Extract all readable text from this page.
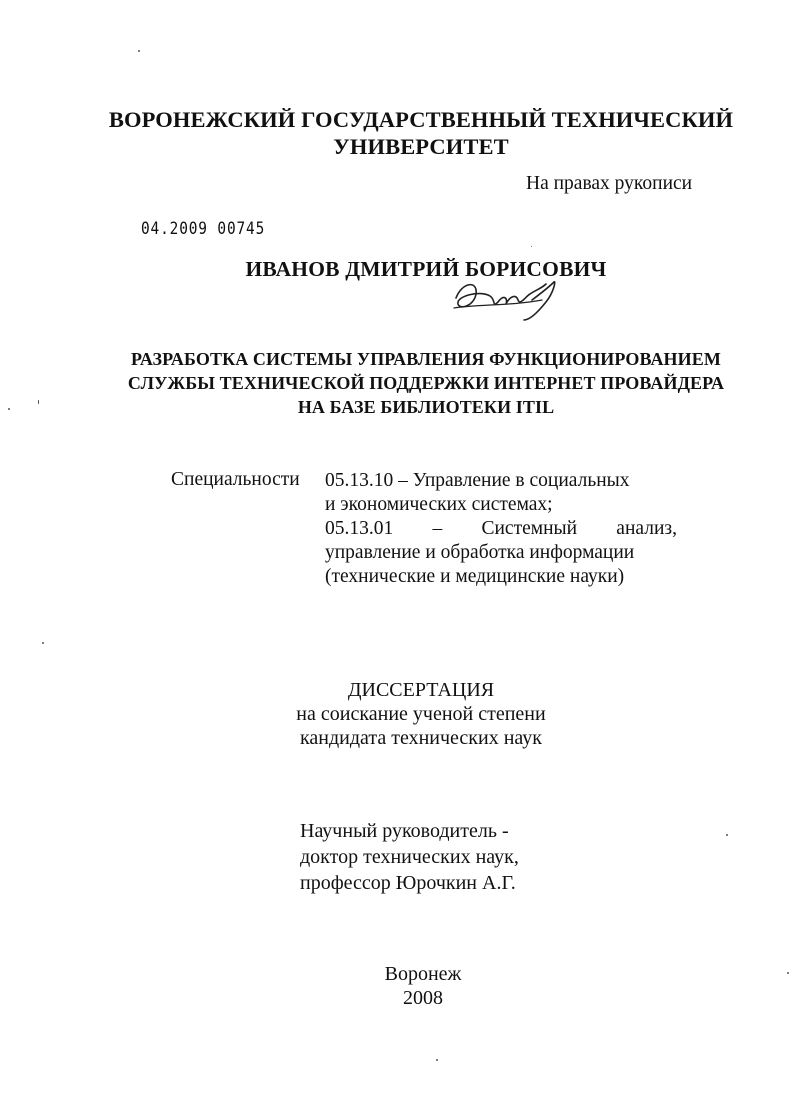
ВОРОНЕЖСКИЙ ГОСУДАРСТВЕННЫЙ ТЕХНИЧЕСКИЙ
УНИВЕРСИТЕТ
На правах рукописи
04.2009 00745
ИВАНОВ ДМИТРИЙ БОРИСОВИЧ
РАЗРАБОТКА СИСТЕМЫ УПРАВЛЕНИЯ ФУНКЦИОНИРОВАНИЕМ
СЛУЖБЫ ТЕХНИЧЕСКОЙ ПОДДЕРЖКИ ИНТЕРНЕТ ПРОВАЙДЕРА
НА БАЗЕ БИБЛИОТЕКИ ITIL
Специальности 05.13.10 – Управление в социальных
и экономических системах;
05.13.01 – Системный анализ,
управление и обработка информации
(технические и медицинские науки)
ДИССЕРТАЦИЯ
на соискание ученой степени
кандидата технических наук
Научный руководитель -
доктор технических наук,
профессор Юрочкин А.Г.
Воронеж
2008
